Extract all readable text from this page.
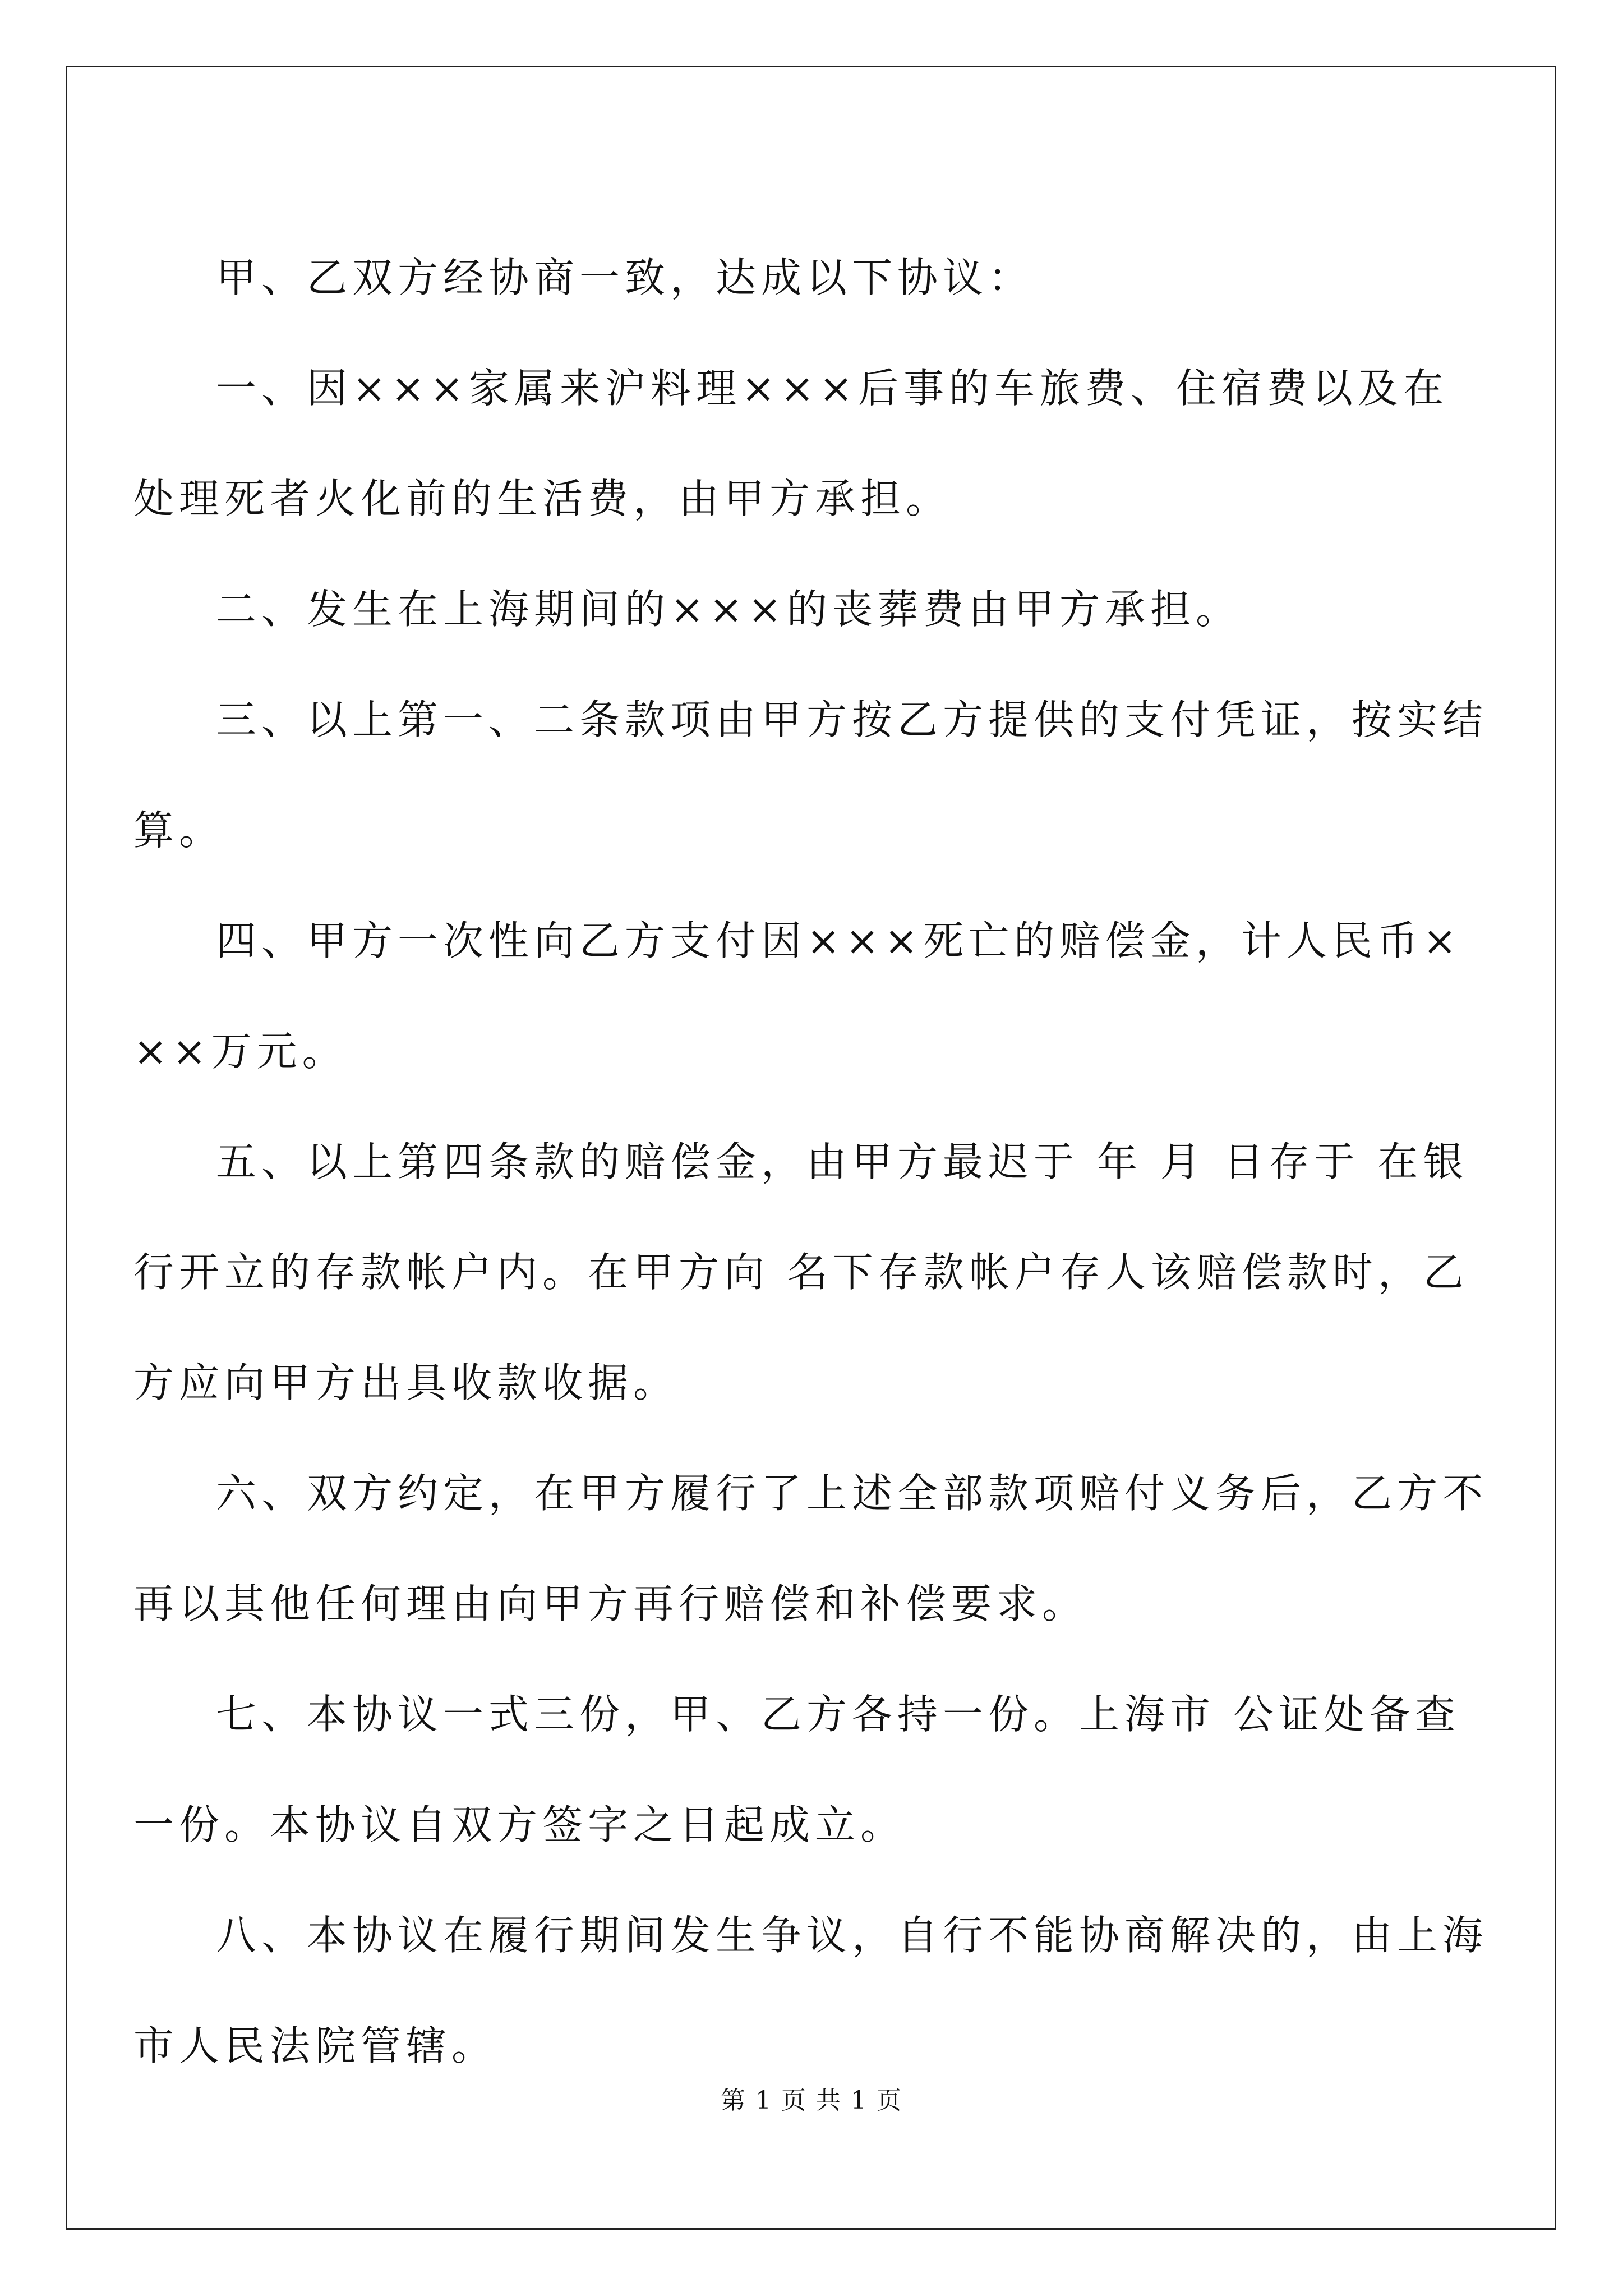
甲、乙双方经协商一致，达成以下协议：

一、因×××家属来沪料理×××后事的车旅费、住宿费以及在处理死者火化前的生活费，由甲方承担。

二、发生在上海期间的×××的丧葬费由甲方承担。

三、以上第一、二条款项由甲方按乙方提供的支付凭证，按实结算。

四、甲方一次性向乙方支付因×××死亡的赔偿金，计人民币×××万元。

五、以上第四条款的赔偿金，由甲方最迟于 年 月 日存于 在银行开立的存款帐户内。在甲方向 名下存款帐户存人该赔偿款时，乙方应向甲方出具收款收据。

六、双方约定，在甲方履行了上述全部款项赔付义务后，乙方不再以其他任何理由向甲方再行赔偿和补偿要求。

七、本协议一式三份，甲、乙方各持一份。上海市 公证处备查一份。本协议自双方签字之日起成立。

八、本协议在履行期间发生争议，自行不能协商解决的，由上海市人民法院管辖。

第 1 页 共 1 页
